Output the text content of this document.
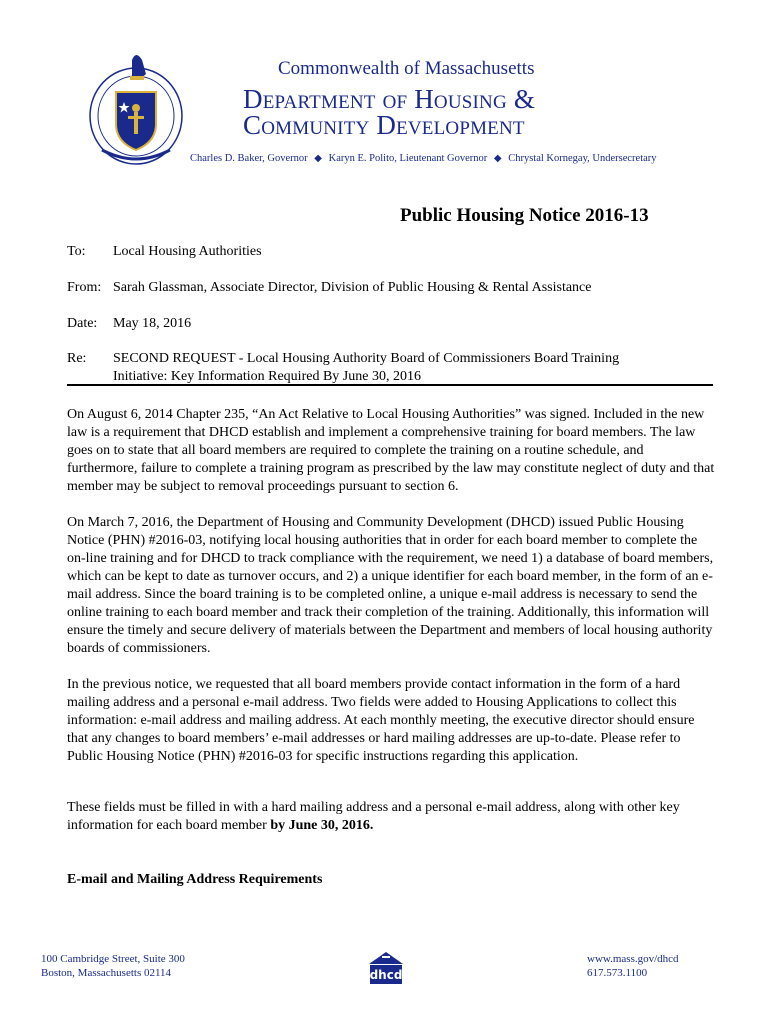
Commonwealth of Massachusetts
Department of Housing &
Community Development
Charles D. Baker, Governor ◆ Karyn E. Polito, Lieutenant Governor ◆ Chrystal Kornegay, Undersecretary
Public Housing Notice 2016-13
To: Local Housing Authorities
From: Sarah Glassman, Associate Director, Division of Public Housing & Rental Assistance
Date: May 18, 2016
Re: SECOND REQUEST - Local Housing Authority Board of Commissioners Board Training
Initiative: Key Information Required By June 30, 2016

On August 6, 2014 Chapter 235, “An Act Relative to Local Housing Authorities” was signed. Included in the new law is a requirement that DHCD establish and implement a comprehensive training for board members. The law goes on to state that all board members are required to complete the training on a routine schedule, and furthermore, failure to complete a training program as prescribed by the law may constitute neglect of duty and that member may be subject to removal proceedings pursuant to section 6.

On March 7, 2016, the Department of Housing and Community Development (DHCD) issued Public Housing Notice (PHN) #2016-03, notifying local housing authorities that in order for each board member to complete the on-line training and for DHCD to track compliance with the requirement, we need 1) a database of board members, which can be kept to date as turnover occurs, and 2) a unique identifier for each board member, in the form of an e-mail address. Since the board training is to be completed online, a unique e-mail address is necessary to send the online training to each board member and track their completion of the training. Additionally, this information will ensure the timely and secure delivery of materials between the Department and members of local housing authority boards of commissioners.

In the previous notice, we requested that all board members provide contact information in the form of a hard mailing address and a personal e-mail address. Two fields were added to Housing Applications to collect this information: e-mail address and mailing address. At each monthly meeting, the executive director should ensure that any changes to board members’ e-mail addresses or hard mailing addresses are up-to-date. Please refer to Public Housing Notice (PHN) #2016-03 for specific instructions regarding this application.

These fields must be filled in with a hard mailing address and a personal e-mail address, along with other key information for each board member by June 30, 2016.

E-mail and Mailing Address Requirements
100 Cambridge Street, Suite 300
Boston, Massachusetts 02114	dhcd
www.mass.gov/dhcd
617.573.1100
